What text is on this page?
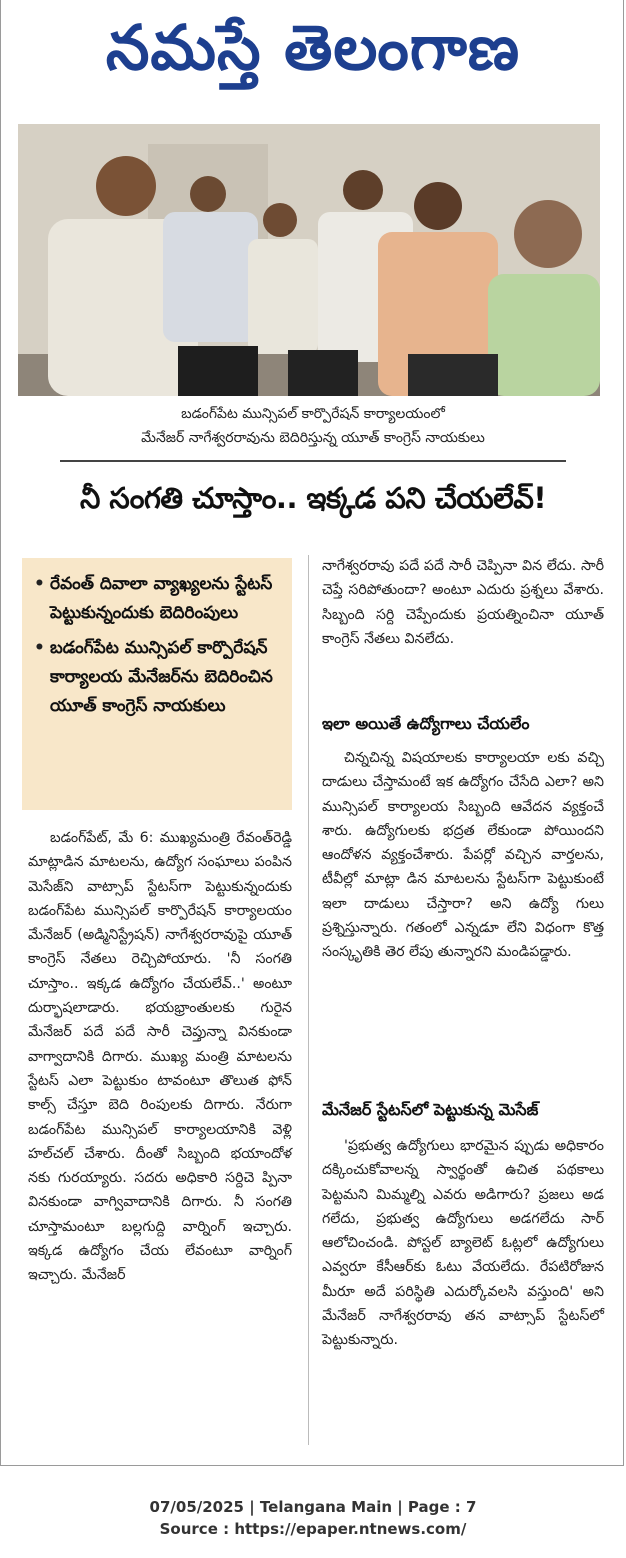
నమస్తే తెలంగాణ
బడంగ్‌పేట మున్సిపల్ కార్పొరేషన్ కార్యాలయంలో
మేనేజర్ నాగేశ్వరరావును బెదిరిస్తున్న యూత్ కాంగ్రెస్ నాయకులు
నీ సంగతి చూస్తాం.. ఇక్కడ పని చేయలేవ్!
• రేవంత్ దివాలా వ్యాఖ్యలను స్టేటస్ పెట్టుకున్నందుకు బెదిరింపులు
• బడంగ్‌పేట మున్సిపల్ కార్పొరేషన్ కార్యాలయ మేనేజర్‌ను బెదిరించిన యూత్ కాంగ్రెస్ నాయకులు

బడంగ్‌పేట్, మే 6: ముఖ్యమంత్రి రేవంత్‌రెడ్డి మాట్లాడిన మాటలను, ఉద్యోగ సంఘాలు పంపిన మెసేజ్‌ని వాట్సాప్ స్టేటస్‌గా పెట్టుకున్నందుకు బడంగ్‌పేట మున్సిపల్ కార్పొరేషన్ కార్యాలయం మేనేజర్ (అడ్మినిస్ట్రేషన్) నాగేశ్వరరావుపై యూత్ కాంగ్రెస్ నేతలు రెచ్చిపోయారు. 'నీ సంగతి చూస్తాం.. ఇక్కడ ఉద్యోగం చేయలేవ్..' అంటూ దుర్భాషలాడారు. భయభ్రాంతులకు గురైన మేనేజర్ పదే పదే సారీ చెప్తున్నా వినకుండా వాగ్వాదానికి దిగారు. ముఖ్య మంత్రి మాటలను స్టేటస్ ఎలా పెట్టుకుం టావంటూ తొలుత ఫోన్ కాల్స్ చేస్తూ బెది రింపులకు దిగారు. నేరుగా బడంగ్‌పేట మున్సిపల్ కార్యాలయానికి వెళ్లి హల్‌చల్ చేశారు. దీంతో సిబ్బంది భయాందోళ నకు గురయ్యారు. సదరు అధికారి సర్దిచె ప్పినా వినకుండా వాగ్వివాదానికి దిగారు. నీ సంగతి చూస్తామంటూ బల్లగుద్ది వార్నింగ్ ఇచ్చారు. ఇక్కడ ఉద్యోగం చేయ లేవంటూ వార్నింగ్ ఇచ్చారు. మేనేజర్

నాగేశ్వరరావు పదే పదే సారీ చెప్పినా విన లేదు. సారీ చెప్తే సరిపోతుందా? అంటూ ఎదురు ప్రశ్నలు వేశారు. సిబ్బంది సర్ది చెప్పేందుకు ప్రయత్నించినా యూత్ కాంగ్రెస్ నేతలు వినలేదు.

ఇలా అయితే ఉద్యోగాలు చేయలేం

చిన్నచిన్న విషయాలకు కార్యాలయా లకు వచ్చి దాడులు చేస్తామంటే ఇక ఉద్యోగం చేసేది ఎలా? అని మున్సిపల్ కార్యాలయ సిబ్బంది ఆవేదన వ్యక్తంచే శారు. ఉద్యోగులకు భద్రత లేకుండా పోయిందని ఆందోళన వ్యక్తంచేశారు. పేపర్లో వచ్చిన వార్తలను, టీవీల్లో మాట్లా డిన మాటలను స్టేటస్‌గా పెట్టుకుంటే ఇలా దాడులు చేస్తారా? అని ఉద్యో గులు ప్రశ్నిస్తున్నారు. గతంలో ఎన్నడూ లేని విధంగా కొత్త సంస్కృతికి తెర లేపు తున్నారని మండిపడ్డారు.

మేనేజర్ స్టేటస్‌లో పెట్టుకున్న మెసేజ్

'ప్రభుత్వ ఉద్యోగులు భారమైన ప్పుడు అధికారం దక్కించుకోవాలన్న స్వార్థంతో ఉచిత పథకాలు పెట్టమని మిమ్మల్ని ఎవరు అడిగారు? ప్రజలు అడ గలేదు, ప్రభుత్వ ఉద్యోగులు అడగలేదు సార్ ఆలోచించండి. పోస్టల్ బ్యాలెట్ ఓట్లలో ఉద్యోగులు ఎవ్వరూ కేసీఆర్‌కు ఓటు వేయలేదు. రేపటిరోజున మీరూ అదే పరిస్థితి ఎదుర్కోవలసి వస్తుంది' అని మేనేజర్ నాగేశ్వరరావు తన వాట్సాప్ స్టేటస్‌లో పెట్టుకున్నారు.

07/05/2025 | Telangana Main | Page : 7
Source : https://epaper.ntnews.com/
